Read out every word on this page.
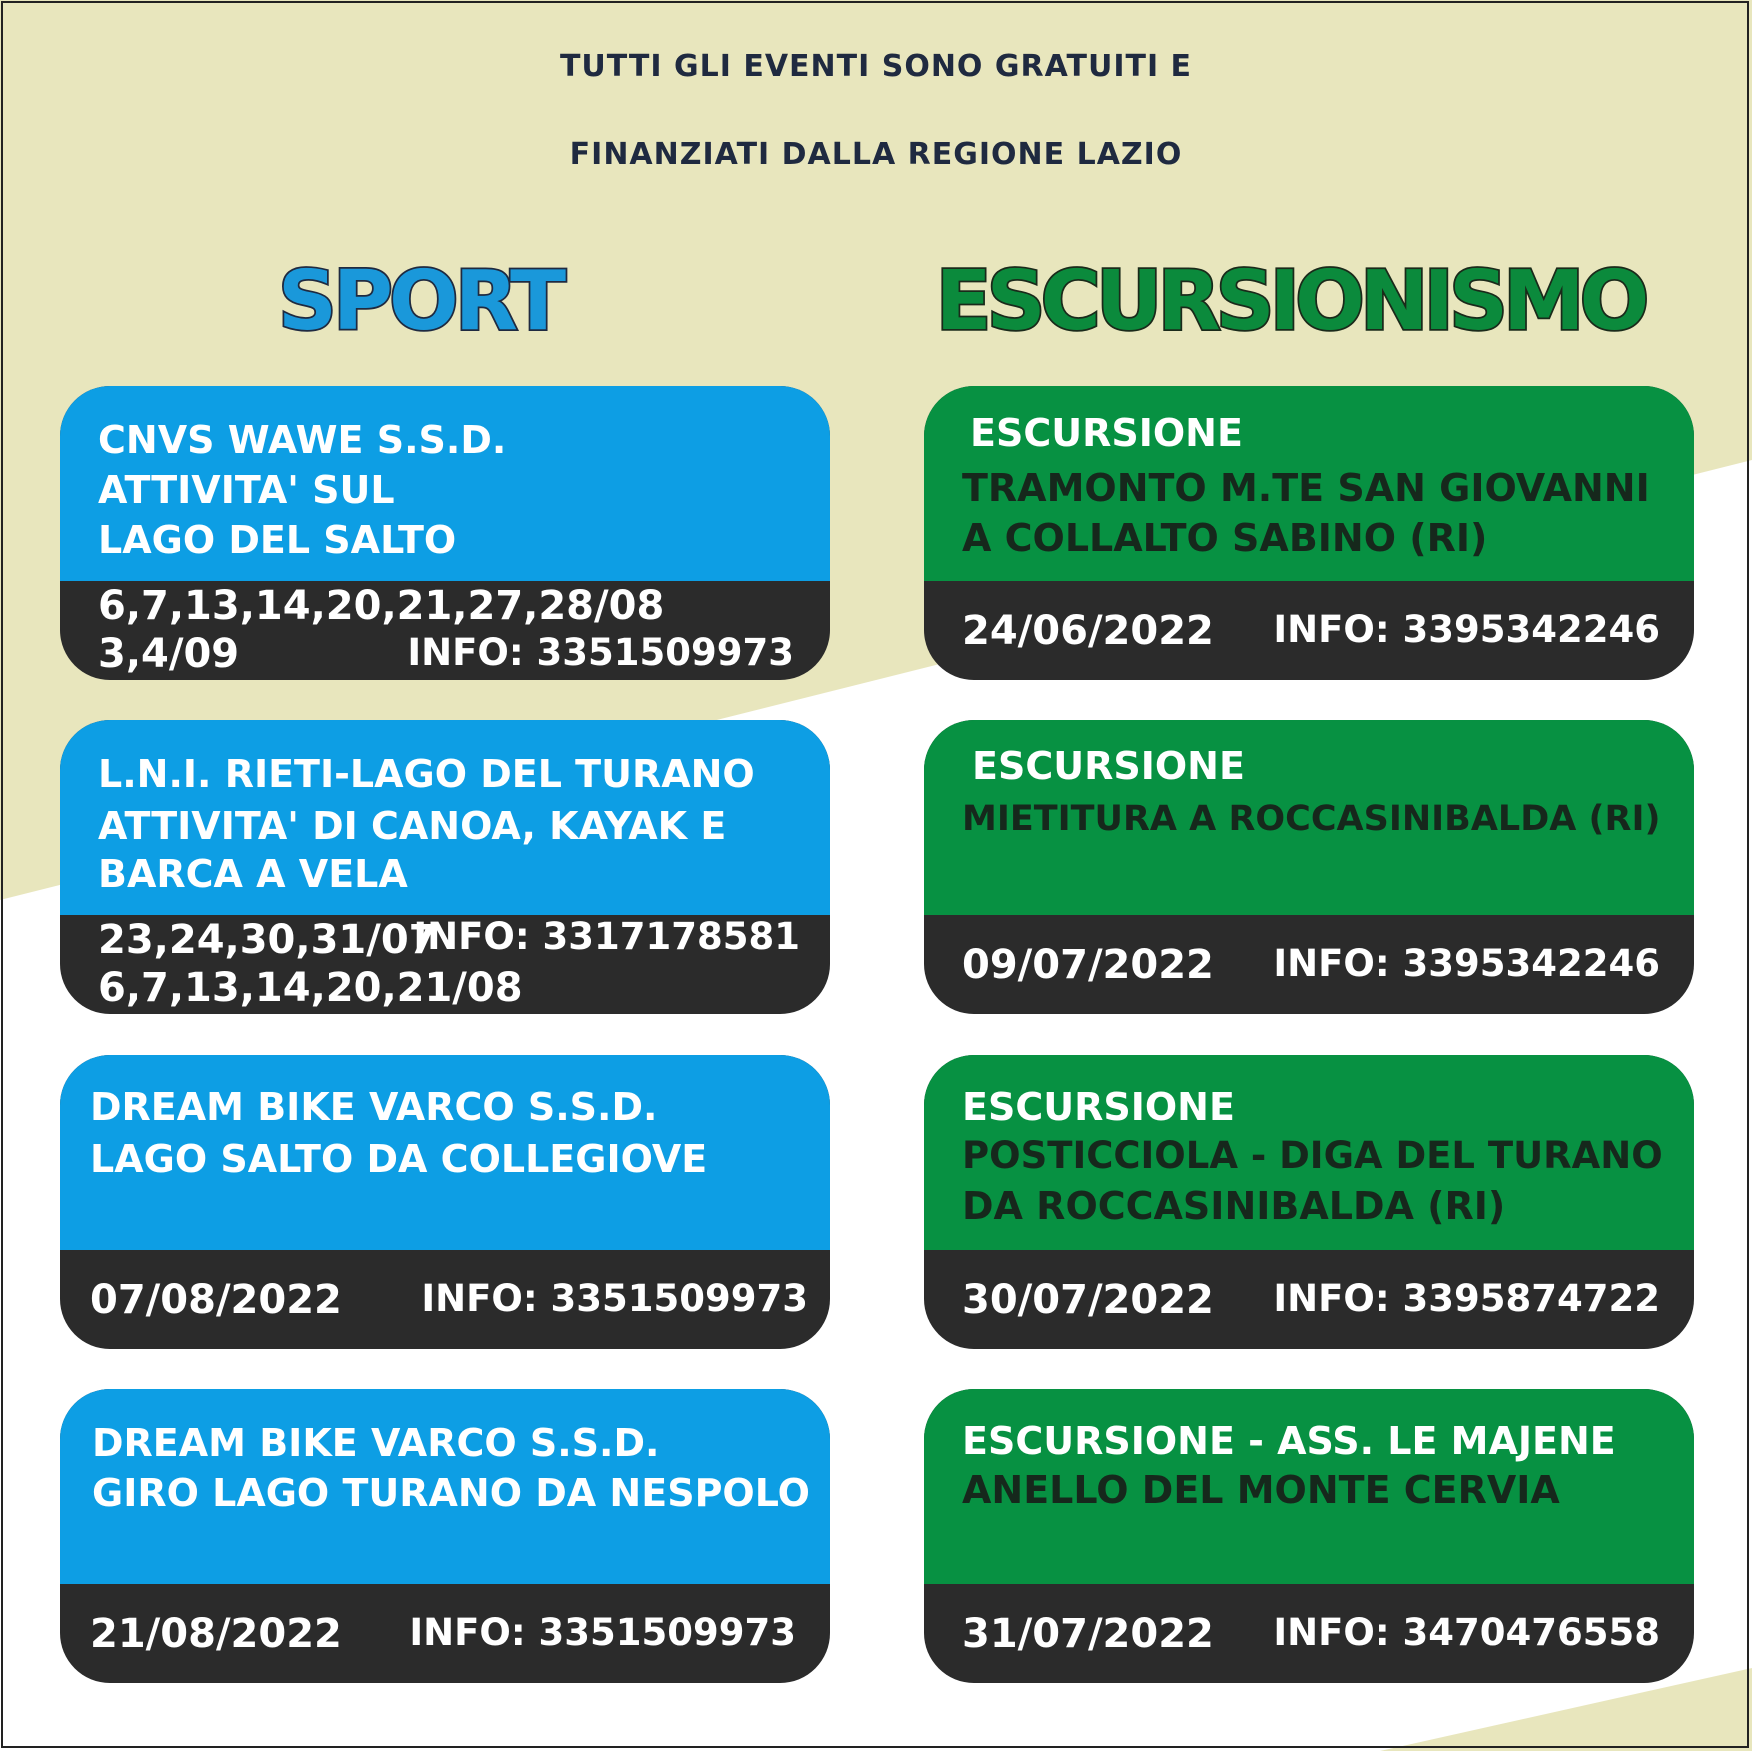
TUTTI GLI EVENTI SONO GRATUITI E
FINANZIATI DALLA REGIONE LAZIO
SPORT	ESCURSIONISMO
CNVS WAWE S.S.D.
ATTIVITA' SUL
LAGO DEL SALTO
6,7,13,14,20,21,27,28/08
3,4/09	INFO: 3351509973
L.N.I. RIETI-LAGO DEL TURANO
ATTIVITA' DI CANOA, KAYAK E
BARCA A VELA
23,24,30,31/07
6,7,13,14,20,21/08
INFO: 3317178581
DREAM BIKE VARCO S.S.D.
LAGO SALTO DA COLLEGIOVE
07/08/2022 INFO: 3351509973
DREAM BIKE VARCO S.S.D.
GIRO LAGO TURANO DA NESPOLO
21/08/2022 INFO: 3351509973
ESCURSIONE
TRAMONTO M.TE SAN GIOVANNI
A COLLALTO SABINO (RI)
24/06/2022 INFO: 3395342246
ESCURSIONE
MIETITURA A ROCCASINIBALDA (RI)
09/07/2022 INFO: 3395342246
ESCURSIONE
POSTICCIOLA - DIGA DEL TURANO
DA ROCCASINIBALDA (RI)
30/07/2022 INFO: 3395874722
ESCURSIONE - ASS. LE MAJENE
ANELLO DEL MONTE CERVIA
31/07/2022 INFO: 3470476558
